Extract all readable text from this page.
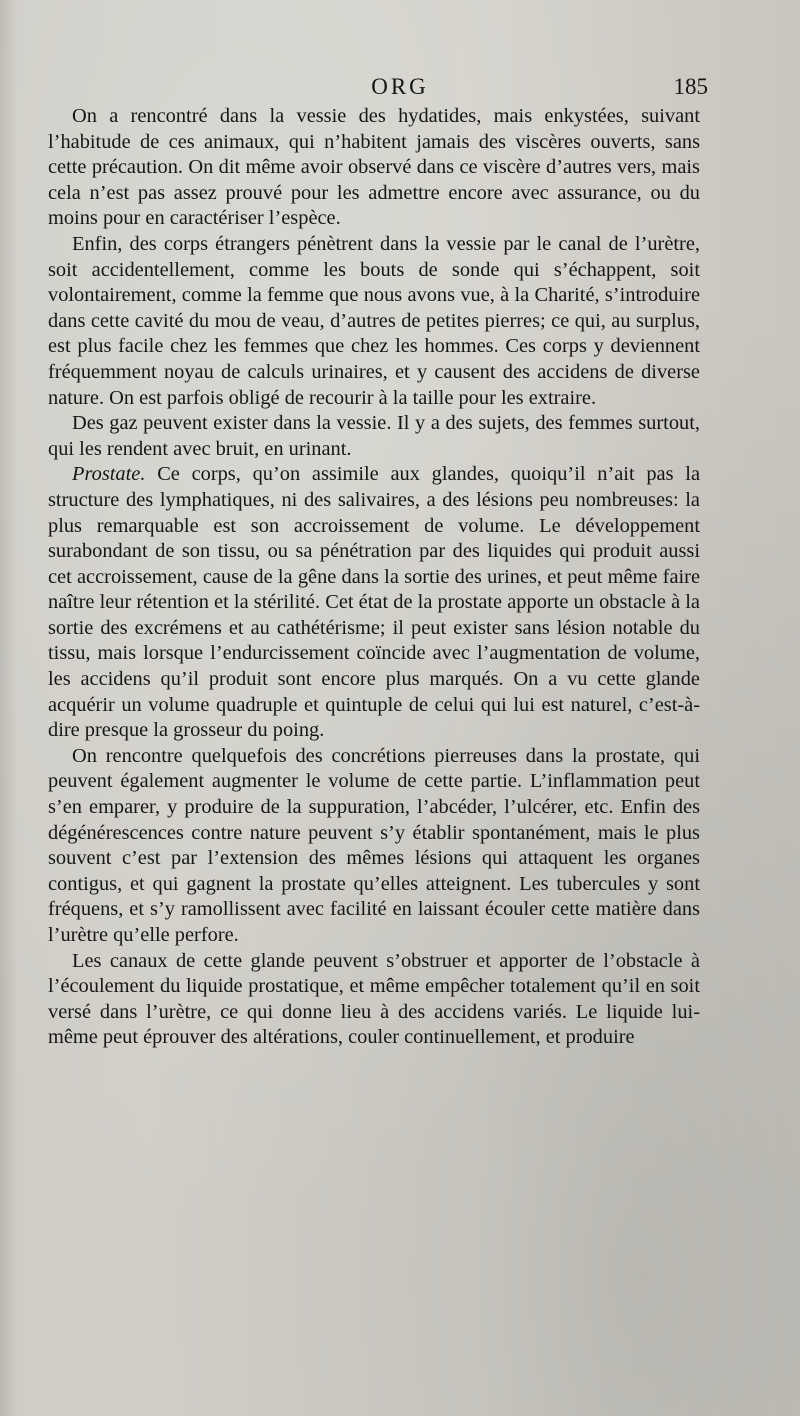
ORG	185

On a rencontré dans la vessie des hydatides, mais enkystées, suivant l’habitude de ces animaux, qui n’habitent jamais des viscères ouverts, sans cette précaution. On dit même avoir observé dans ce viscère d’autres vers, mais cela n’est pas assez prouvé pour les admettre encore avec assurance, ou du moins pour en caractériser l’espèce.

Enfin, des corps étrangers pénètrent dans la vessie par le canal de l’urètre, soit accidentellement, comme les bouts de sonde qui s’échappent, soit volontairement, comme la femme que nous avons vue, à la Charité, s’introduire dans cette cavité du mou de veau, d’autres de petites pierres; ce qui, au surplus, est plus facile chez les femmes que chez les hommes. Ces corps y deviennent fréquemment noyau de calculs urinaires, et y causent des accidens de diverse nature. On est parfois obligé de recourir à la taille pour les extraire.

Des gaz peuvent exister dans la vessie. Il y a des sujets, des femmes surtout, qui les rendent avec bruit, en urinant.

Prostate. Ce corps, qu’on assimile aux glandes, quoiqu’il n’ait pas la structure des lymphatiques, ni des salivaires, a des lésions peu nombreuses: la plus remarquable est son accroissement de volume. Le développement surabondant de son tissu, ou sa pénétration par des liquides qui produit aussi cet accroissement, cause de la gêne dans la sortie des urines, et peut même faire naître leur rétention et la stérilité. Cet état de la prostate apporte un obstacle à la sortie des excrémens et au cathétérisme; il peut exister sans lésion notable du tissu, mais lorsque l’endurcissement coïncide avec l’augmentation de volume, les accidens qu’il produit sont encore plus marqués. On a vu cette glande acquérir un volume quadruple et quintuple de celui qui lui est naturel, c’est-à-dire presque la grosseur du poing.

On rencontre quelquefois des concrétions pierreuses dans la prostate, qui peuvent également augmenter le volume de cette partie. L’inflammation peut s’en emparer, y produire de la suppuration, l’abcéder, l’ulcérer, etc. Enfin des dégénérescences contre nature peuvent s’y établir spontanément, mais le plus souvent c’est par l’extension des mêmes lésions qui attaquent les organes contigus, et qui gagnent la prostate qu’elles atteignent. Les tubercules y sont fréquens, et s’y ramollissent avec facilité en laissant écouler cette matière dans l’urètre qu’elle perfore.

Les canaux de cette glande peuvent s’obstruer et apporter de l’obstacle à l’écoulement du liquide prostatique, et même empêcher totalement qu’il en soit versé dans l’urètre, ce qui donne lieu à des accidens variés. Le liquide lui-même peut éprouver des altérations, couler continuellement, et produire
